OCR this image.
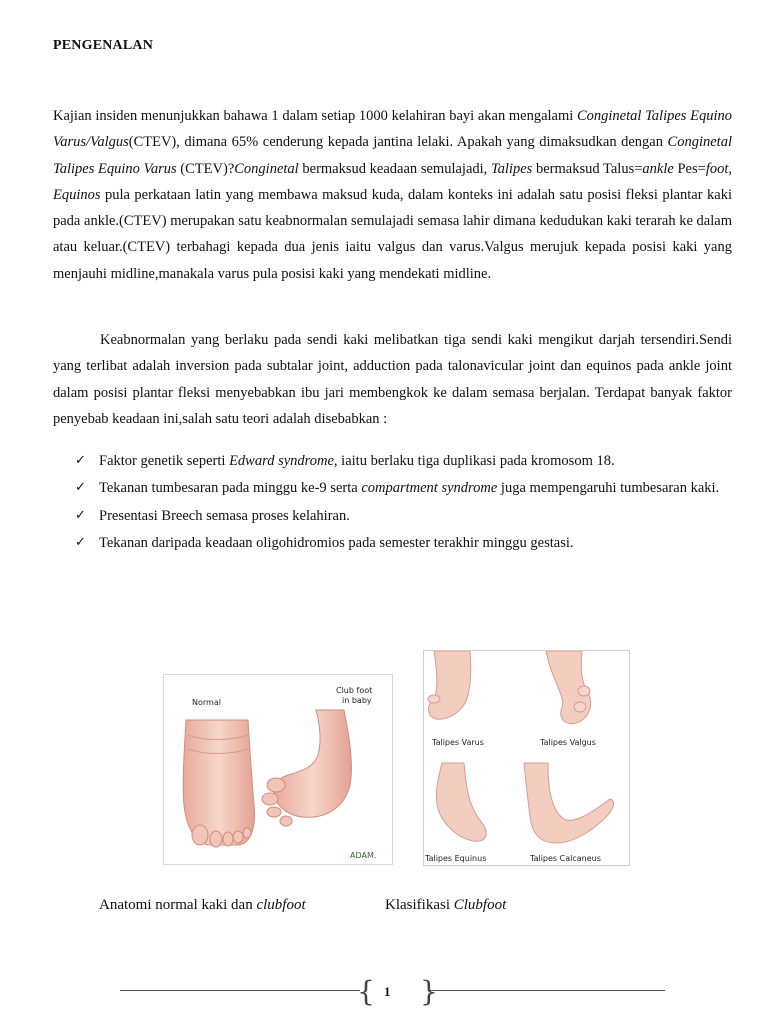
PENGENALAN

Kajian insiden menunjukkan bahawa 1 dalam setiap 1000 kelahiran bayi akan mengalami Conginetal Talipes Equino Varus/Valgus(CTEV), dimana 65% cenderung kepada jantina lelaki. Apakah yang dimaksudkan dengan Conginetal Talipes Equino Varus (CTEV)?Conginetal bermaksud keadaan semulajadi, Talipes bermaksud Talus=ankle Pes=foot, Equinos pula perkataan latin yang membawa maksud kuda, dalam konteks ini adalah satu posisi fleksi plantar kaki pada ankle.(CTEV) merupakan satu keabnormalan semulajadi semasa lahir dimana kedudukan kaki terarah ke dalam atau keluar.(CTEV) terbahagi kepada dua jenis iaitu valgus dan varus.Valgus merujuk kepada posisi kaki yang menjauhi midline,manakala varus pula posisi kaki yang mendekati midline.

Keabnormalan yang berlaku pada sendi kaki melibatkan tiga sendi kaki mengikut darjah tersendiri.Sendi yang terlibat adalah inversion pada subtalar joint, adduction pada talonavicular joint dan equinos pada ankle joint dalam posisi plantar fleksi menyebabkan ibu jari membengkok ke dalam semasa berjalan. Terdapat banyak faktor penyebab keadaan ini,salah satu teori adalah disebabkan :

✓ Faktor genetik seperti Edward syndrome, iaitu berlaku tiga duplikasi pada kromosom 18.
✓ Tekanan tumbesaran pada minggu ke-9 serta compartment syndrome juga mempengaruhi tumbesaran kaki.
✓ Presentasi Breech semasa proses kelahiran.
✓ Tekanan daripada keadaan oligohidromios pada semester terakhir minggu gestasi.
Normal
Club foot
in baby
ADAM.
Talipes Varus	Talipes Valgus
Talipes Equinus	Talipes Calcaneus
Anatomi normal kaki dan clubfoot	Klasifikasi Clubfoot
{ 1 }
